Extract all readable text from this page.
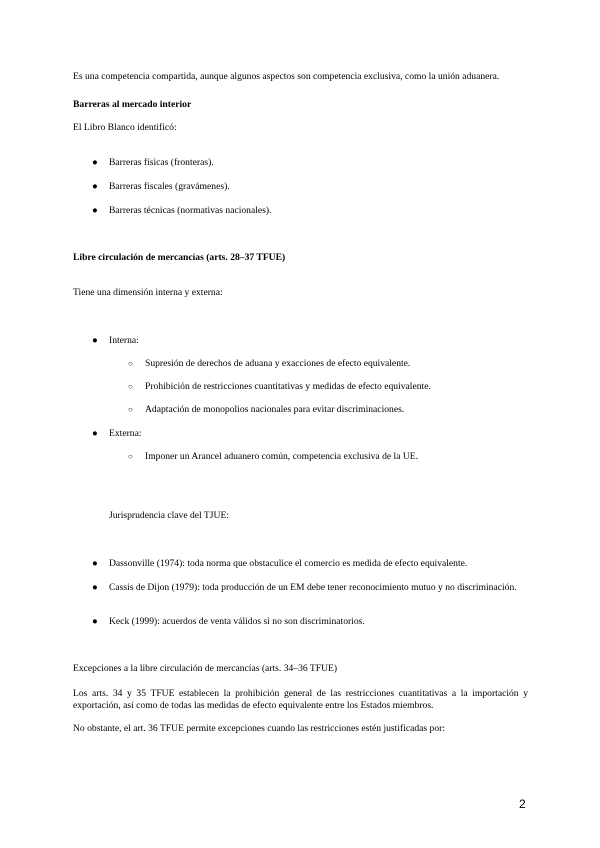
Es una competencia compartida, aunque algunos aspectos son competencia exclusiva, como la unión aduanera.
Barreras al mercado interior
El Libro Blanco identificó:
● Barreras físicas (fronteras).
● Barreras fiscales (gravámenes).
● Barreras técnicas (normativas nacionales).
Libre circulación de mercancías (arts. 28–37 TFUE)
Tiene una dimensión interna y externa:
● Interna:
○ Supresión de derechos de aduana y exacciones de efecto equivalente.
○ Prohibición de restricciones cuantitativas y medidas de efecto equivalente.
○ Adaptación de monopolios nacionales para evitar discriminaciones.
● Externa:
○ Imponer un Arancel aduanero común, competencia exclusiva de la UE.
Jurisprudencia clave del TJUE:
● Dassonville (1974): toda norma que obstaculice el comercio es medida de efecto equivalente.
● Cassis de Dijon (1979): toda producción de un EM debe tener reconocimiento mutuo y no discriminación.
● Keck (1999): acuerdos de venta válidos si no son discriminatorios.
Excepciones a la libre circulación de mercancías (arts. 34–36 TFUE)
Los arts. 34 y 35 TFUE establecen la prohibición general de las restricciones cuantitativas a la importación y exportación, así como de todas las medidas de efecto equivalente entre los Estados miembros.
No obstante, el art. 36 TFUE permite excepciones cuando las restricciones estén justificadas por:
2
